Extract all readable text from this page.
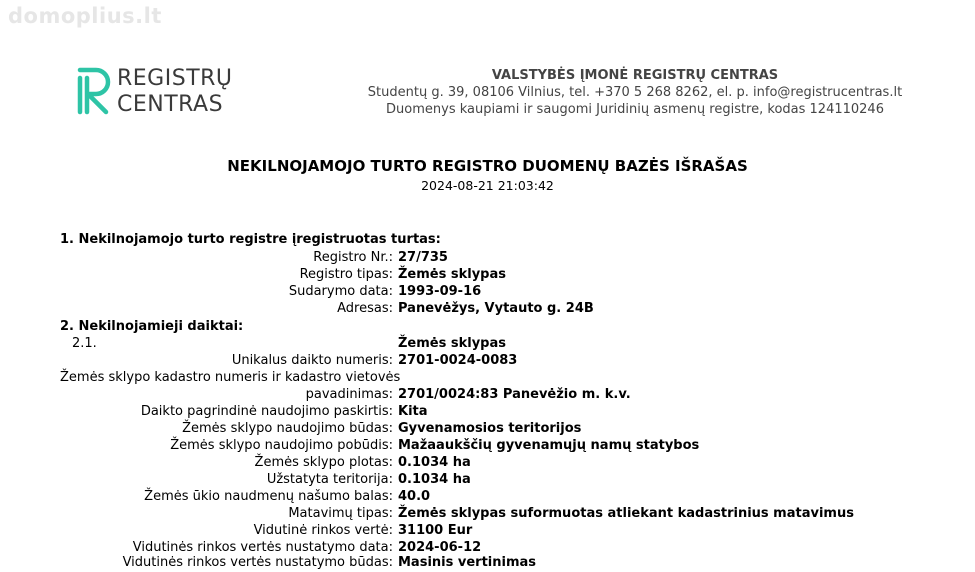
domoplius.lt
REGISTRŲ
CENTRAS
VALSTYBĖS ĮMONĖ REGISTRŲ CENTRAS
Studentų g. 39, 08106 Vilnius, tel. +370 5 268 8262, el. p. info@registrucentras.lt
Duomenys kaupiami ir saugomi Juridinių asmenų registre, kodas 124110246
NEKILNOJAMOJO TURTO REGISTRO DUOMENŲ BAZĖS IŠRAŠAS
2024-08-21 21:03:42
1. Nekilnojamojo turto registre įregistruotas turtas:
Registro Nr.: 27/735
Registro tipas: Žemės sklypas
Sudarymo data: 1993-09-16
Adresas: Panevėžys, Vytauto g. 24B
2. Nekilnojamieji daiktai:
2.1.	Žemės sklypas
Unikalus daikto numeris: 2701-0024-0083
Žemės sklypo kadastro numeris ir kadastro vietovės
pavadinimas: 2701/0024:83 Panevėžio m. k.v.
Daikto pagrindinė naudojimo paskirtis: Kita
Žemės sklypo naudojimo būdas: Gyvenamosios teritorijos
Žemės sklypo naudojimo pobūdis: Mažaaukščių gyvenamųjų namų statybos
Žemės sklypo plotas: 0.1034 ha
Užstatyta teritorija: 0.1034 ha
Žemės ūkio naudmenų našumo balas: 40.0
Matavimų tipas: Žemės sklypas suformuotas atliekant kadastrinius matavimus
Vidutinė rinkos vertė: 31100 Eur
Vidutinės rinkos vertės nustatymo data: 2024-06-12
Vidutinės rinkos vertės nustatymo būdas: Masinis vertinimas
